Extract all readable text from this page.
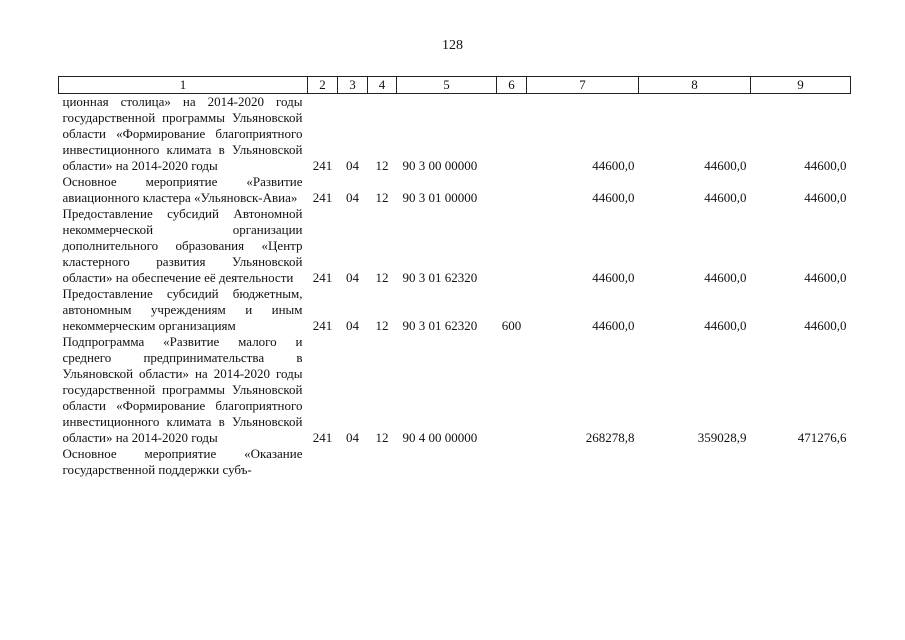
128
1	2	3	4	5	6	7	8	9

ционная столица» на 2014-2020 годы государственной программы Ульяновской области «Формирование благоприятного инвестиционного климата в Ульяновской области» на 2014-2020 годы	241	04	12	90 3 00 00000		44600,0	44600,0	44600,0

Основное мероприятие «Развитие авиационного кластера «Ульяновск-Авиа»	241	04	12	90 3 01 00000		44600,0	44600,0	44600,0

Предоставление субсидий Автономной некоммерческой организации дополнительного образования «Центр кластерного развития Ульяновской области» на обеспечение её деятельности	241	04	12	90 3 01 62320		44600,0	44600,0	44600,0

Предоставление субсидий бюджетным, автономным учреждениям и иным некоммерческим организациям	241	04	12	90 3 01 62320	600	44600,0	44600,0	44600,0

Подпрограмма «Развитие малого и среднего предпринимательства в Ульяновской области» на 2014-2020 годы государственной программы Ульяновской области «Формирование благоприятного инвестиционного климата в Ульяновской области» на 2014-2020 годы	241	04	12	90 4 00 00000		268278,8	359028,9	471276,6

Основное мероприятие «Оказание государственной поддержки субъ-								
